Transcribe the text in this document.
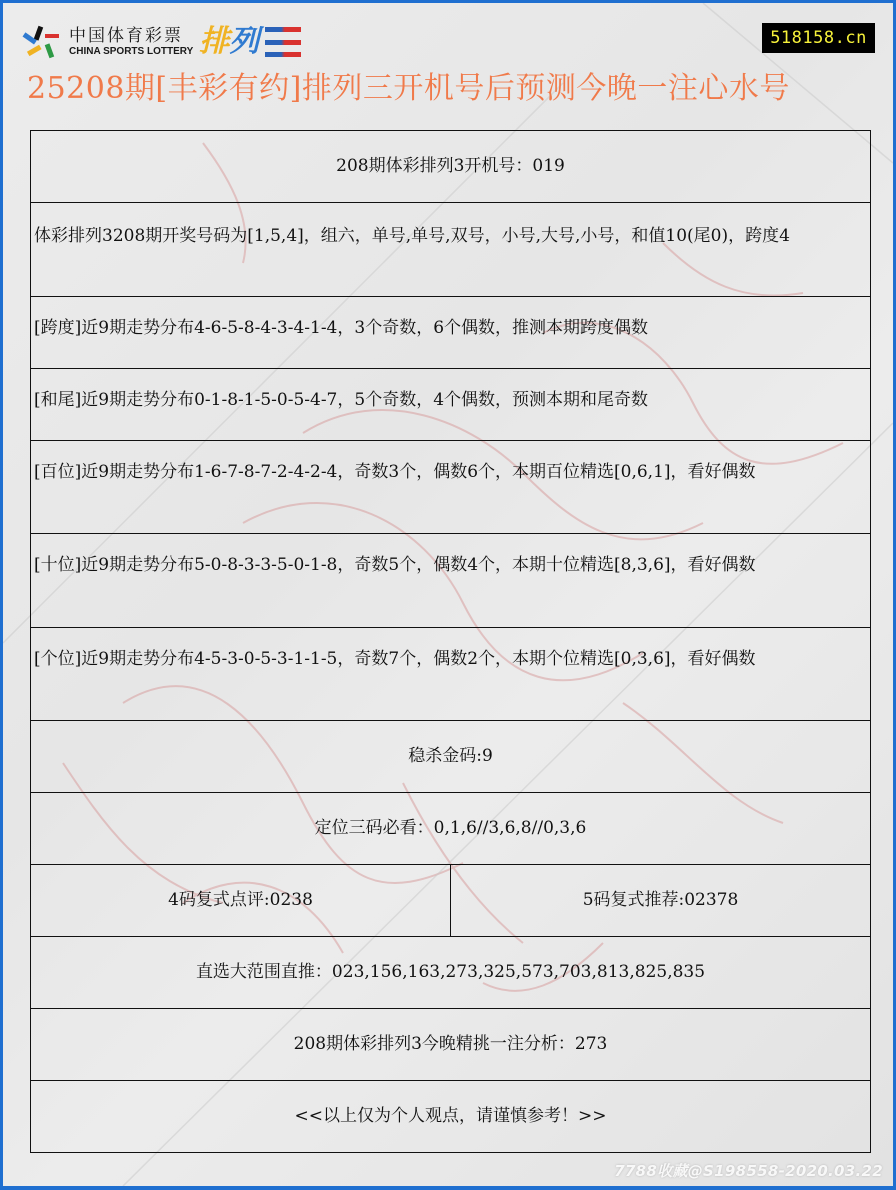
中国体育彩票
CHINA SPORTS LOTTERY 排 列	518158.cn
25208期[丰彩有约]排列三开机号后预测今晚一注心水号
208期体彩排列3开机号：019
体彩排列3208期开奖号码为[1,5,4]，组六，单号,单号,双号，小号,大号,小号，和值10(尾0)，跨度4
[跨度]近9期走势分布4-6-5-8-4-3-4-1-4，3个奇数，6个偶数，推测本期跨度偶数
[和尾]近9期走势分布0-1-8-1-5-0-5-4-7，5个奇数，4个偶数，预测本期和尾奇数
[百位]近9期走势分布1-6-7-8-7-2-4-2-4，奇数3个，偶数6个，本期百位精选[0,6,1]，看好偶数
[十位]近9期走势分布5-0-8-3-3-5-0-1-8，奇数5个，偶数4个，本期十位精选[8,3,6]，看好偶数
[个位]近9期走势分布4-5-3-0-5-3-1-1-5，奇数7个，偶数2个，本期个位精选[0,3,6]，看好偶数
稳杀金码:9
定位三码必看：0,1,6//3,6,8//0,3,6
4码复式点评:0238	5码复式推荐:02378
直选大范围直推：023,156,163,273,325,573,703,813,825,835
208期体彩排列3今晚精挑一注分析：273
<<以上仅为个人观点，请谨慎参考！>>
7788收藏@S198558-2020.03.22
